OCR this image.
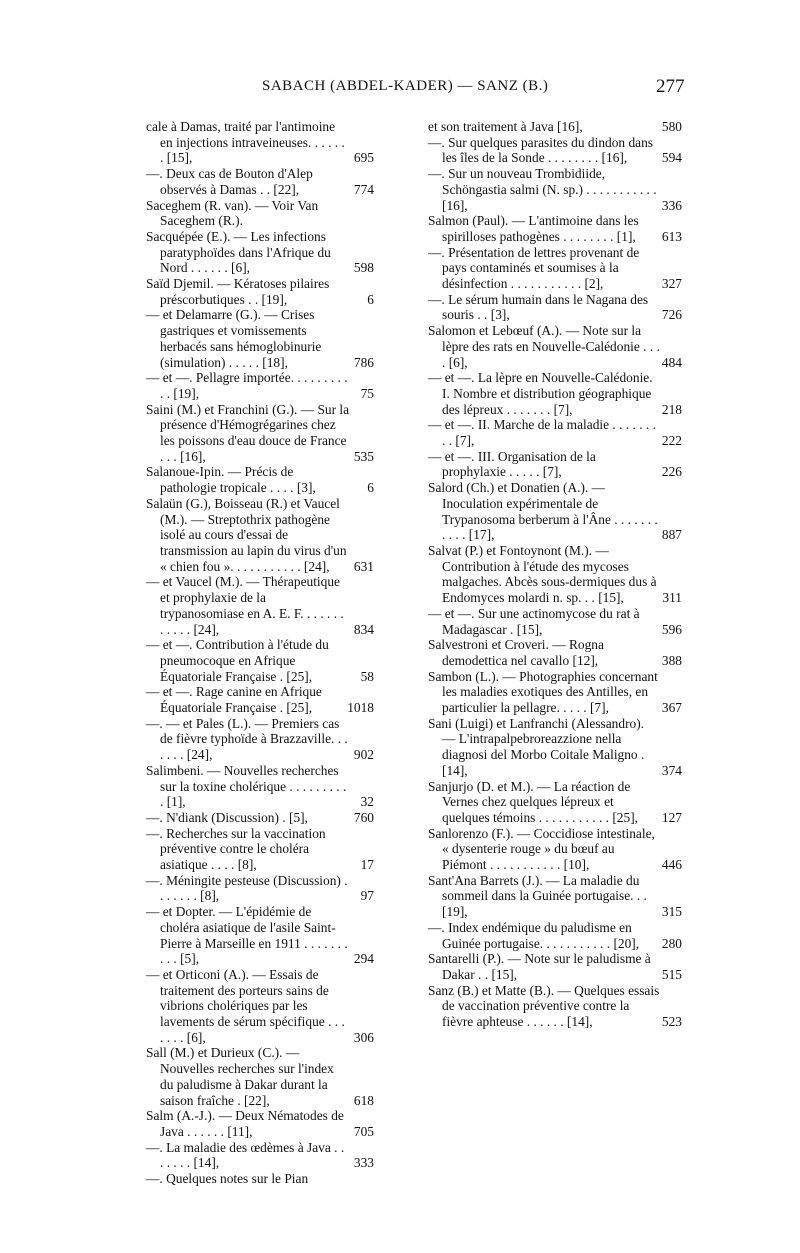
SABACH (ABDEL-KADER) — SANZ (B.)	277
cale à Damas, traité par l'antimoine en injections intraveineuses. . . . . . . [15],	695
—. Deux cas de Bouton d'Alep observés à Damas . . [22],	774
Saceghem (R. van). — Voir Van Saceghem (R.).
Sacquépée (E.). — Les infections paratyphoïdes dans l'Afrique du Nord . . . . . . [6],	598
Saïd Djemil. — Kératoses pilaires préscorbutiques . . [19],	6
— et Delamarre (G.). — Crises gastriques et vomissements herbacés sans hémoglobinurie (simulation) . . . . . [18],	786
— et —. Pellagre importée. . . . . . . . . . . [19],	75
Saini (M.) et Franchini (G.). — Sur la présence d'Hémogrégarines chez les poissons d'eau douce de France . . . [16],	535
Salanoue-Ipin. — Précis de pathologie tropicale . . . . [3],	6
Salaün (G.), Boisseau (R.) et Vaucel (M.). — Streptothrix pathogène isolé au cours d'essai de transmission au lapin du virus d'un « chien fou ». . . . . . . . . . . [24],	631
— et Vaucel (M.). — Thérapeutique et prophylaxie de la trypanosomiase en A. E. F. . . . . . . . . . . . [24],	834
— et —. Contribution à l'étude du pneumocoque en Afrique Équatoriale Française . [25],	58
— et —. Rage canine en Afrique Équatoriale Française . [25],	1018
—. — et Pales (L.). — Premiers cas de fièvre typhoïde à Brazzaville. . . . . . . [24],	902
Salimbeni. — Nouvelles recherches sur la toxine cholérique . . . . . . . . . . [1],	32
—. N'diank (Discussion) . [5],	760
—. Recherches sur la vaccination préventive contre le choléra asiatique . . . . [8],	17
—. Méningite pesteuse (Discussion) . . . . . . . [8],	97
— et Dopter. — L'épidémie de choléra asiatique de l'asile Saint-Pierre à Marseille en 1911 . . . . . . . . . . [5],	294
— et Orticoni (A.). — Essais de traitement des porteurs sains de vibrions cholériques par les lavements de sérum spécifique . . . . . . . [6],	306
Sall (M.) et Durieux (C.). — Nouvelles recherches sur l'index du paludisme à Dakar durant la saison fraîche . [22],	618
Salm (A.-J.). — Deux Nématodes de Java . . . . . . [11],	705
—. La maladie des œdèmes à Java . . . . . . . [14],	333
—. Quelques notes sur le Pian
et son traitement à Java [16],	580
—. Sur quelques parasites du dindon dans les îles de la Sonde . . . . . . . . [16],	594
—. Sur un nouveau Trombidiide, Schöngastia salmi (N. sp.) . . . . . . . . . . . [16],	336
Salmon (Paul). — L'antimoine dans les spirilloses pathogènes . . . . . . . . [1],	613
—. Présentation de lettres provenant de pays contaminés et soumises à la désinfection . . . . . . . . . . . [2],	327
—. Le sérum humain dans le Nagana des souris . . [3],	726
Salomon et Lebœuf (A.). — Note sur la lèpre des rats en Nouvelle-Calédonie . . . . [6],	484
— et —. La lèpre en Nouvelle-Calédonie. I. Nombre et distribution géographique des lépreux . . . . . . . [7],	218
— et —. II. Marche de la maladie . . . . . . . . . [7],	222
— et —. III. Organisation de la prophylaxie . . . . . [7],	226
Salord (Ch.) et Donatien (A.). — Inoculation expérimentale de Trypanosoma berberum à l'Âne . . . . . . . . . . . [17],	887
Salvat (P.) et Fontoynont (M.). — Contribution à l'étude des mycoses malgaches. Abcès sous-dermiques dus à Endomyces molardi n. sp. . . [15],	311
— et —. Sur une actinomycose du rat à Madagascar . [15],	596
Salvestroni et Croveri. — Rogna demodettica nel cavallo [12],	388
Sambon (L.). — Photographies concernant les maladies exotiques des Antilles, en particulier la pellagre. . . . . [7],	367
Sani (Luigi) et Lanfranchi (Alessandro). — L'intrapalpebroreazzione nella diagnosi del Morbo Coitale Maligno . [14],	374
Sanjurjo (D. et M.). — La réaction de Vernes chez quelques lépreux et quelques témoins . . . . . . . . . . . [25],	127
Sanlorenzo (F.). — Coccidiose intestinale, « dysenterie rouge » du bœuf au Piémont . . . . . . . . . . . [10],	446
Sant'Ana Barrets (J.). — La maladie du sommeil dans la Guinée portugaise. . . [19],	315
—. Index endémique du paludisme en Guinée portugaise. . . . . . . . . . . [20],	280
Santarelli (P.). — Note sur le paludisme à Dakar . . [15],	515
Sanz (B.) et Matte (B.). — Quelques essais de vaccination préventive contre la fièvre aphteuse . . . . . . [14],	523
